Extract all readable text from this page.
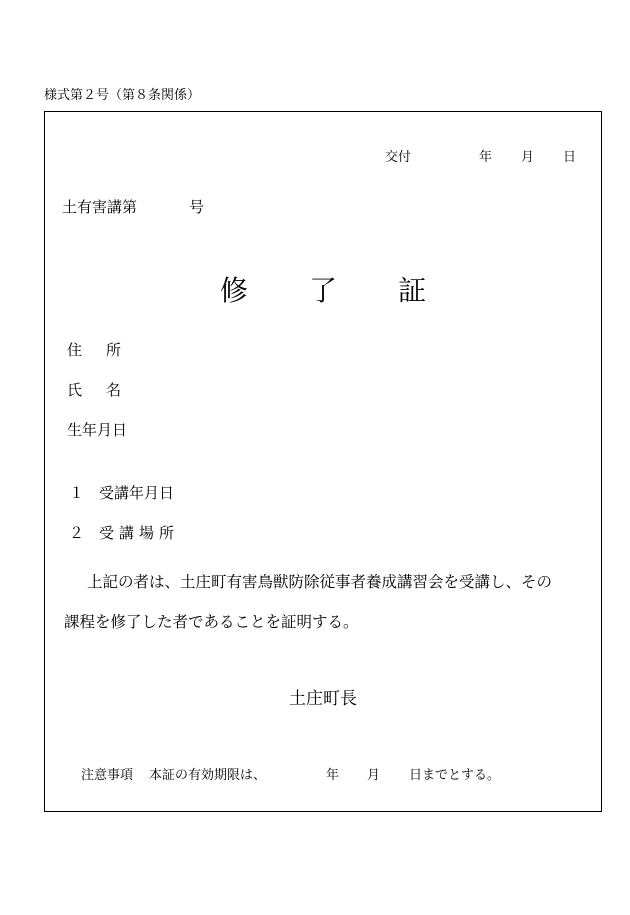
様式第２号（第８条関係）
交付	年 月 日
土有害講第	号
修 了 証
住所
氏名
生年月日
１ 受講年月日
２ 受講場所
上記の者は、土庄町有害鳥獣防除従事者養成講習会を受講し、その
課程を修了した者であることを証明する。
土庄町長
注意事項 本証の有効期限は、	年 月 日までとする。
